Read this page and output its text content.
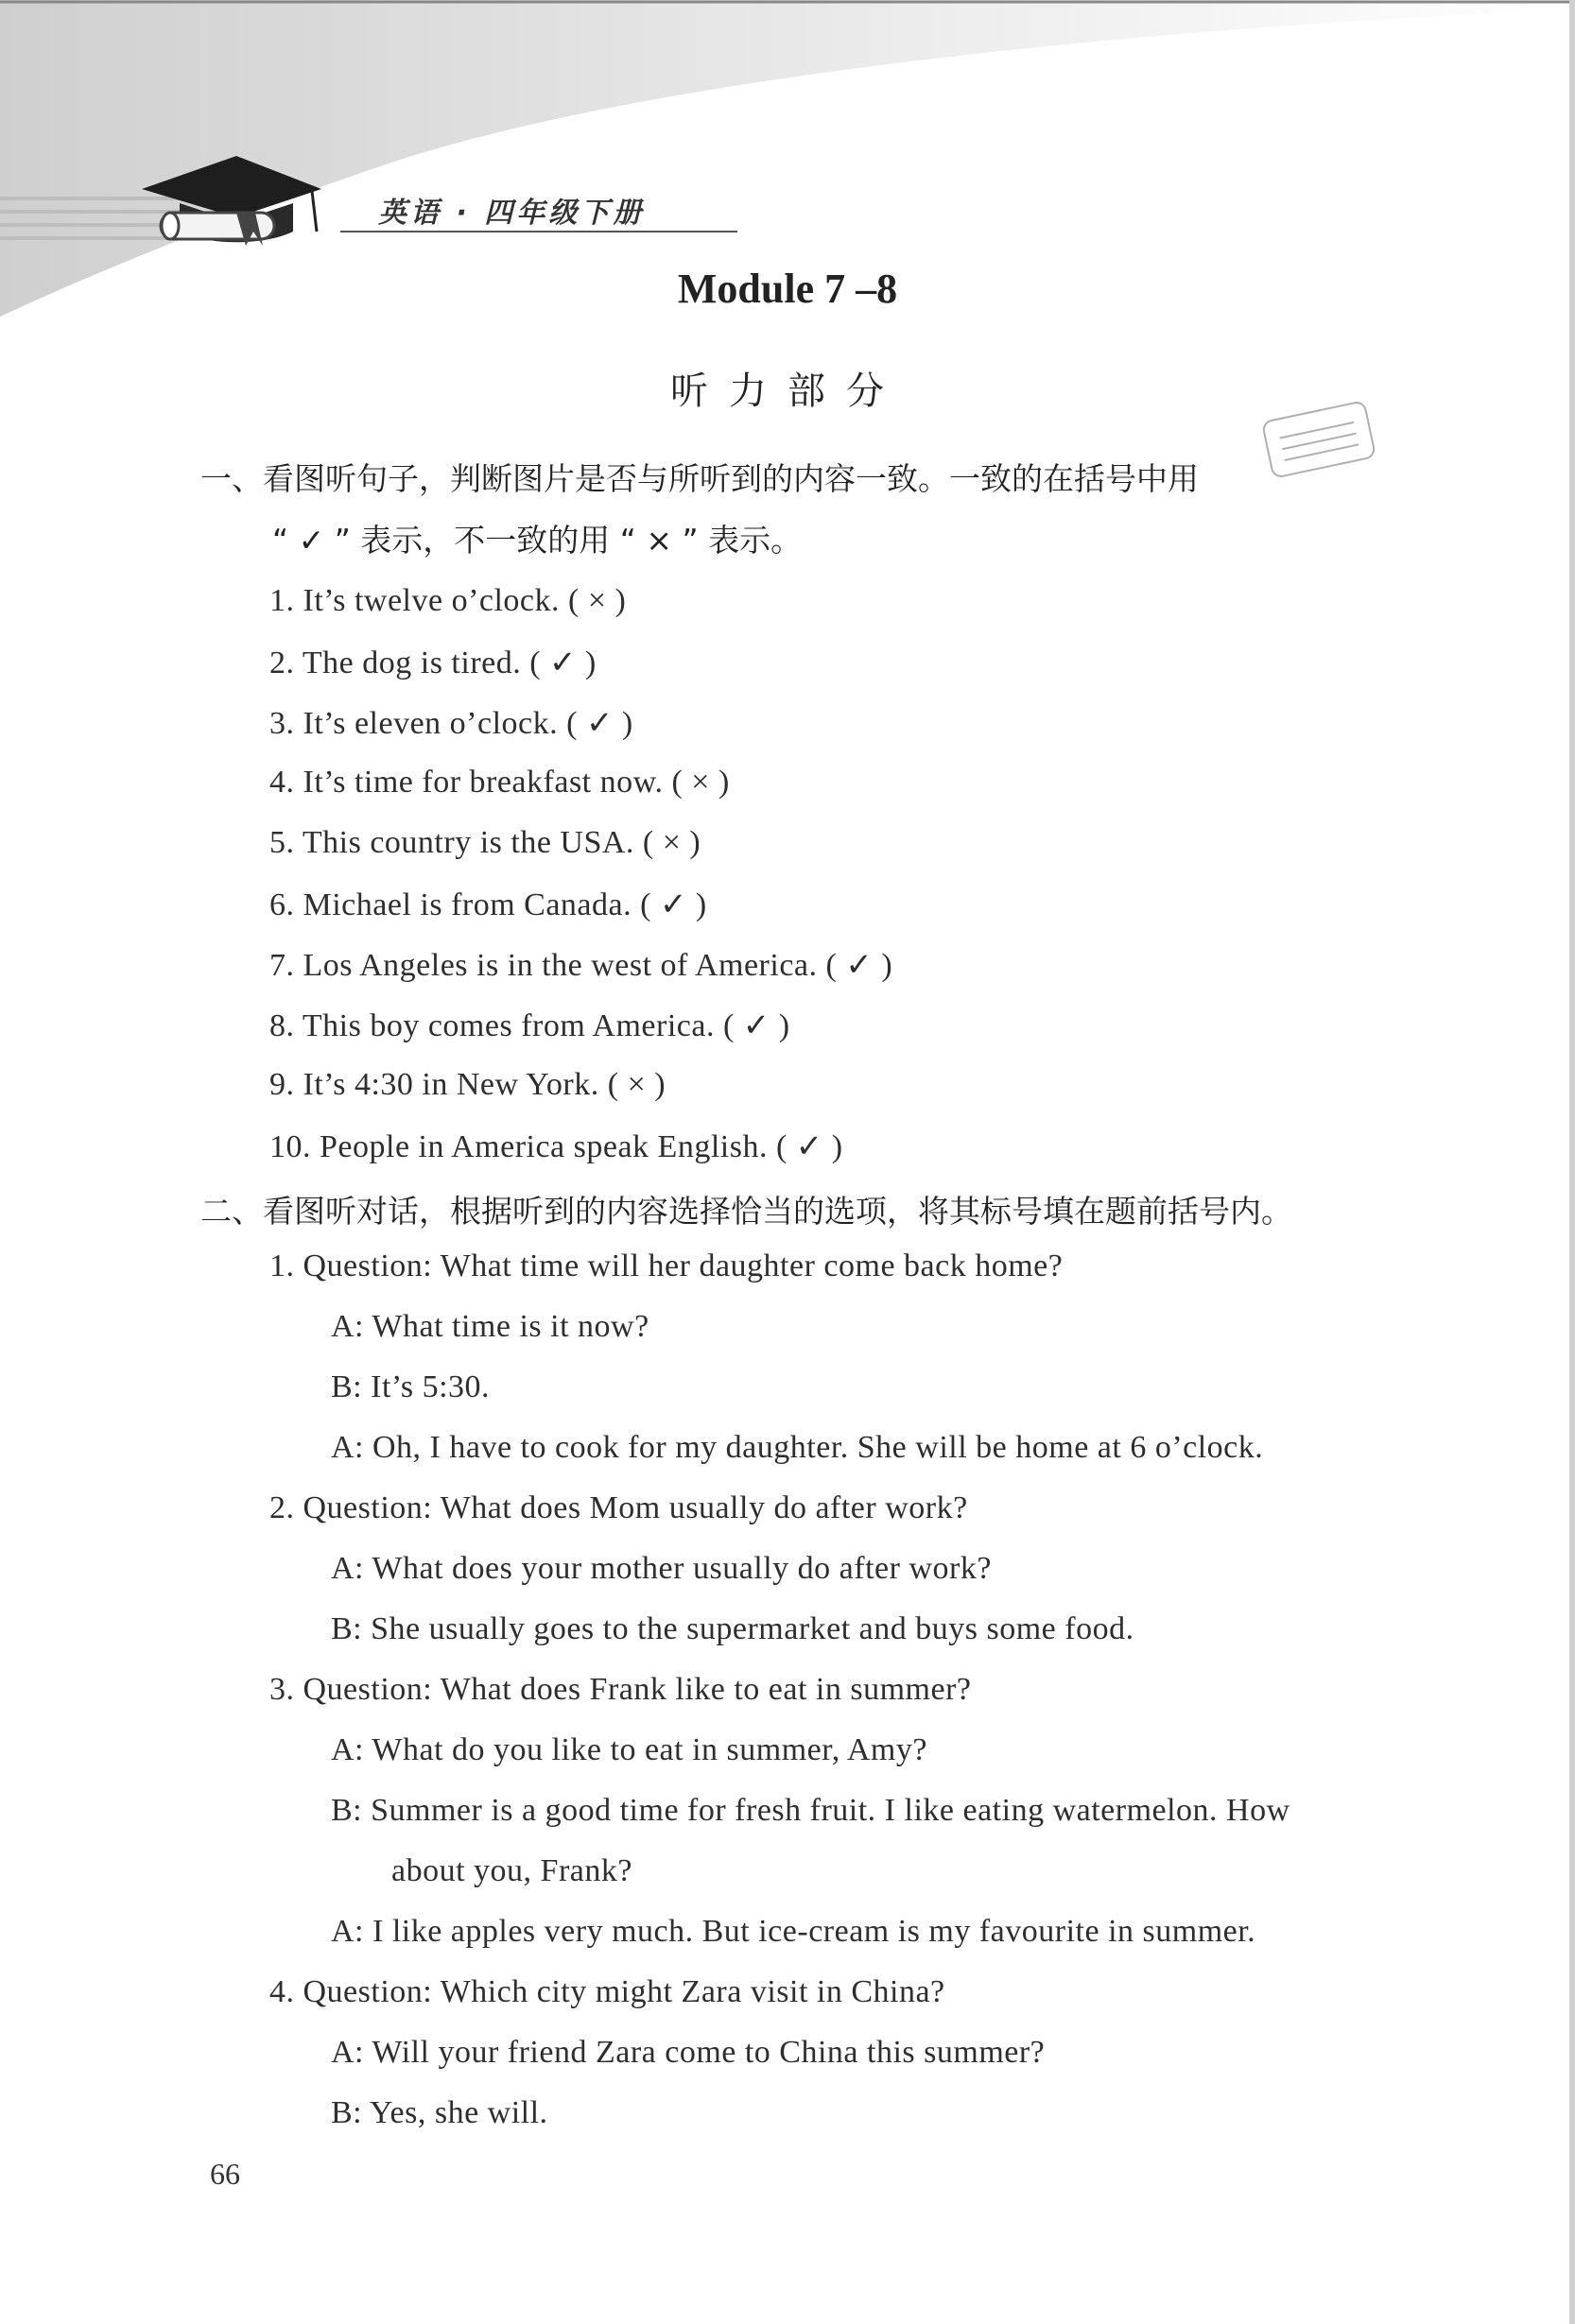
英语 · 四年级下册
Module 7 –8
听力部分
一、看图听句子，判断图片是否与所听到的内容一致。一致的在括号中用
“ ✓ ” 表示，不一致的用 “ × ” 表示。
1. It’s twelve o’clock. ( × )
2. The dog is tired. ( ✓ )
3. It’s eleven o’clock. ( ✓ )
4. It’s time for breakfast now. ( × )
5. This country is the USA. ( × )
6. Michael is from Canada. ( ✓ )
7. Los Angeles is in the west of America. ( ✓ )
8. This boy comes from America. ( ✓ )
9. It’s 4:30 in New York. ( × )
10. People in America speak English. ( ✓ )
二、看图听对话，根据听到的内容选择恰当的选项，将其标号填在题前括号内。
1. Question: What time will her daughter come back home?
A: What time is it now?
B: It’s 5:30.
A: Oh, I have to cook for my daughter. She will be home at 6 o’clock.
2. Question: What does Mom usually do after work?
A: What does your mother usually do after work?
B: She usually goes to the supermarket and buys some food.
3. Question: What does Frank like to eat in summer?
A: What do you like to eat in summer, Amy?
B: Summer is a good time for fresh fruit. I like eating watermelon. How
about you, Frank?
A: I like apples very much. But ice-cream is my favourite in summer.
4. Question: Which city might Zara visit in China?
A: Will your friend Zara come to China this summer?
B: Yes, she will.
66
